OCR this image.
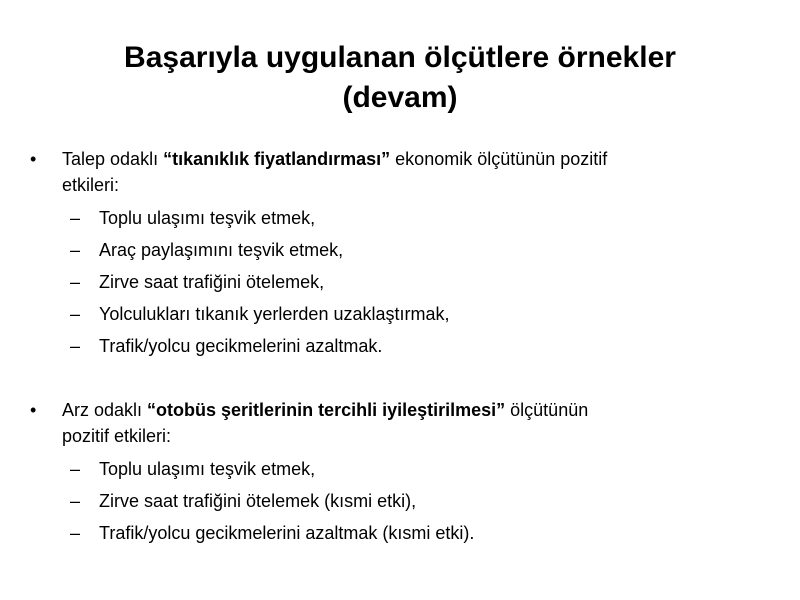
Başarıyla uygulanan ölçütlere örnekler
(devam)
• Talep odaklı “tıkanıklık fiyatlandırması” ekonomik ölçütünün pozitif
etkileri:
– Toplu ulaşımı teşvik etmek,
– Araç paylaşımını teşvik etmek,
– Zirve saat trafiğini ötelemek,
– Yolculukları tıkanık yerlerden uzaklaştırmak,
– Trafik/yolcu gecikmelerini azaltmak.
• Arz odaklı “otobüs şeritlerinin tercihli iyileştirilmesi” ölçütünün
pozitif etkileri:
– Toplu ulaşımı teşvik etmek,
– Zirve saat trafiğini ötelemek (kısmi etki),
– Trafik/yolcu gecikmelerini azaltmak (kısmi etki).
